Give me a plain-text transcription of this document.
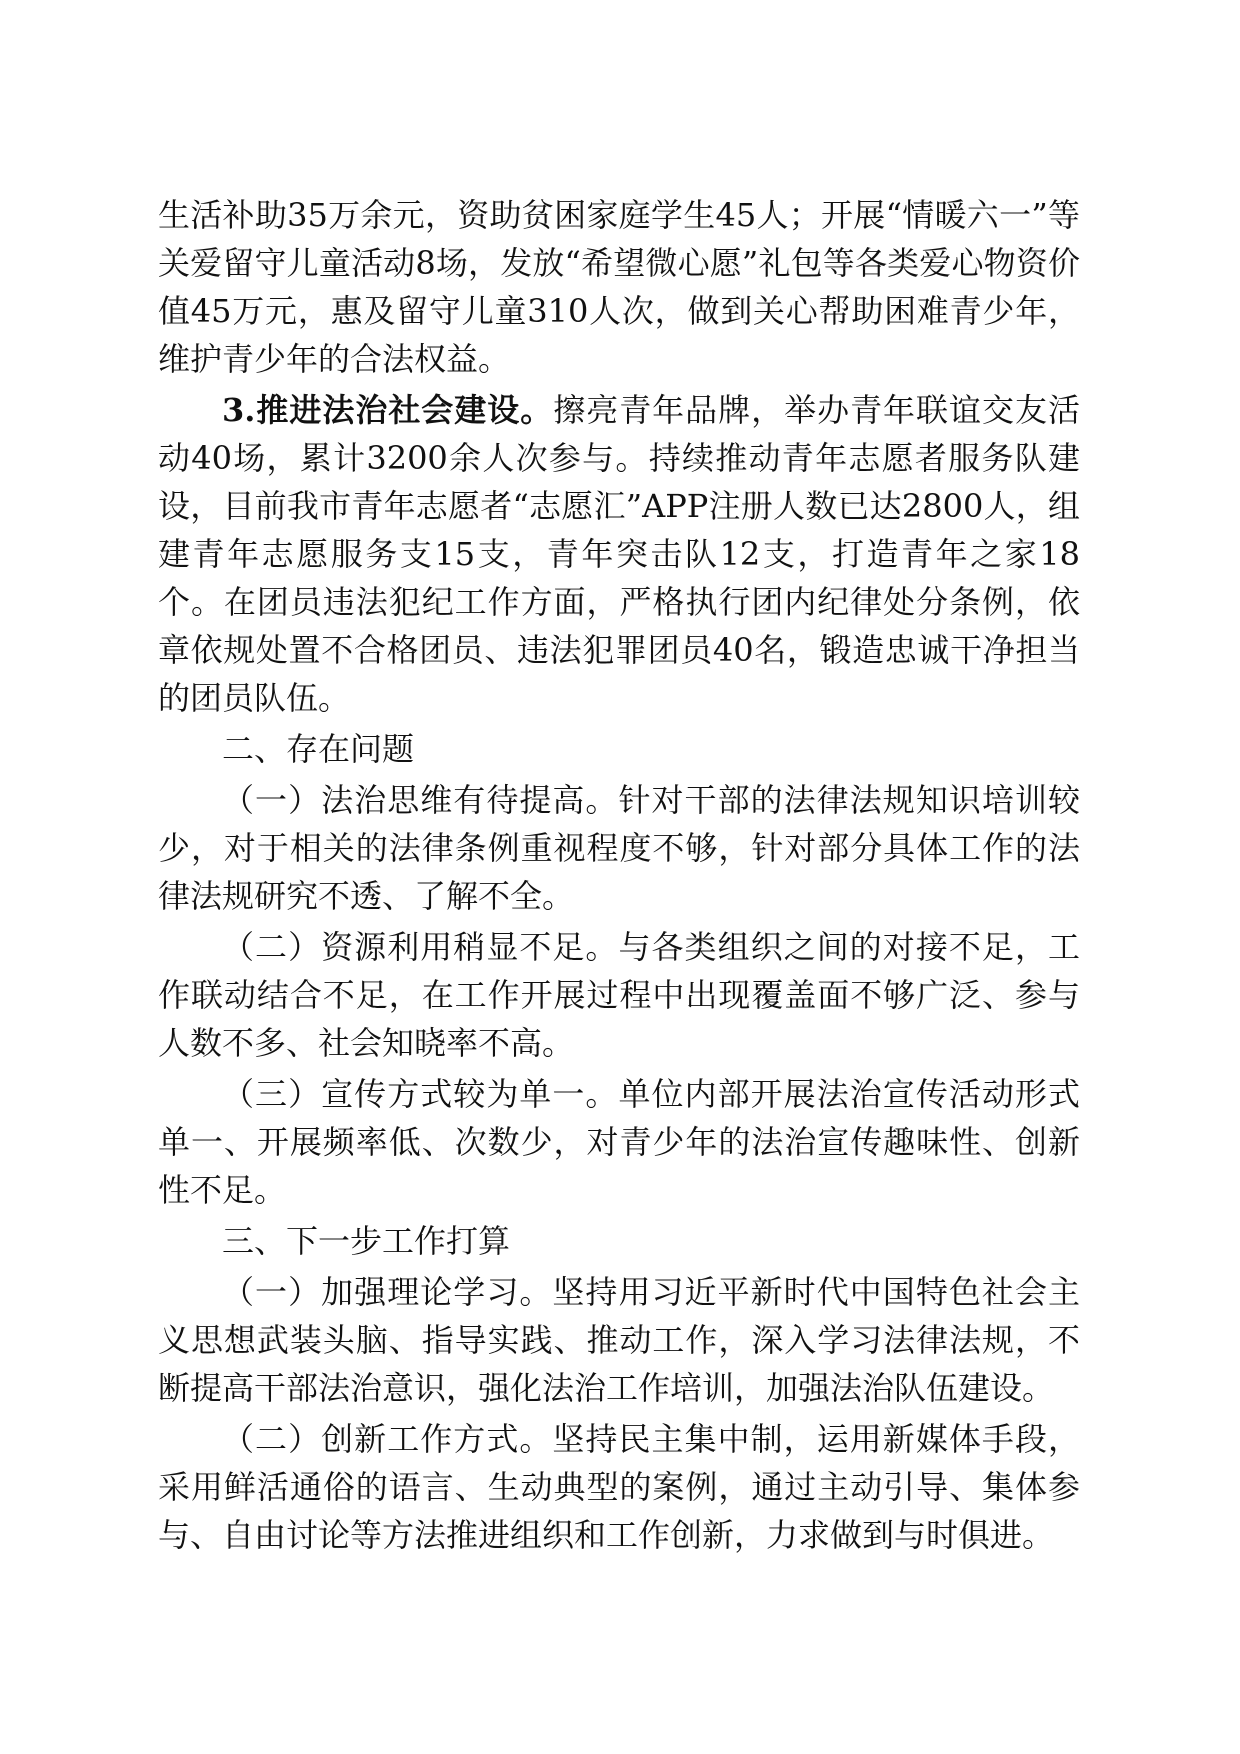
生活补助35万余元，资助贫困家庭学生45人；开展“情暖六一”等关爱留守儿童活动8场，发放“希望微心愿”礼包等各类爱心物资价值45万元，惠及留守儿童310人次，做到关心帮助困难青少年，维护青少年的合法权益。

3.推进法治社会建设。擦亮青年品牌，举办青年联谊交友活动40场，累计3200余人次参与。持续推动青年志愿者服务队建设，目前我市青年志愿者“志愿汇”APP注册人数已达2800人，组建青年志愿服务支15支，青年突击队12支，打造青年之家18个。在团员违法犯纪工作方面，严格执行团内纪律处分条例，依章依规处置不合格团员、违法犯罪团员40名，锻造忠诚干净担当的团员队伍。

二、存在问题

（一）法治思维有待提高。针对干部的法律法规知识培训较少，对于相关的法律条例重视程度不够，针对部分具体工作的法律法规研究不透、了解不全。

（二）资源利用稍显不足。与各类组织之间的对接不足，工作联动结合不足，在工作开展过程中出现覆盖面不够广泛、参与人数不多、社会知晓率不高。

（三）宣传方式较为单一。单位内部开展法治宣传活动形式单一、开展频率低、次数少，对青少年的法治宣传趣味性、创新性不足。

三、下一步工作打算

（一）加强理论学习。坚持用习近平新时代中国特色社会主义思想武装头脑、指导实践、推动工作，深入学习法律法规，不断提高干部法治意识，强化法治工作培训，加强法治队伍建设。

（二）创新工作方式。坚持民主集中制，运用新媒体手段，采用鲜活通俗的语言、生动典型的案例，通过主动引导、集体参与、自由讨论等方法推进组织和工作创新，力求做到与时俱进。
